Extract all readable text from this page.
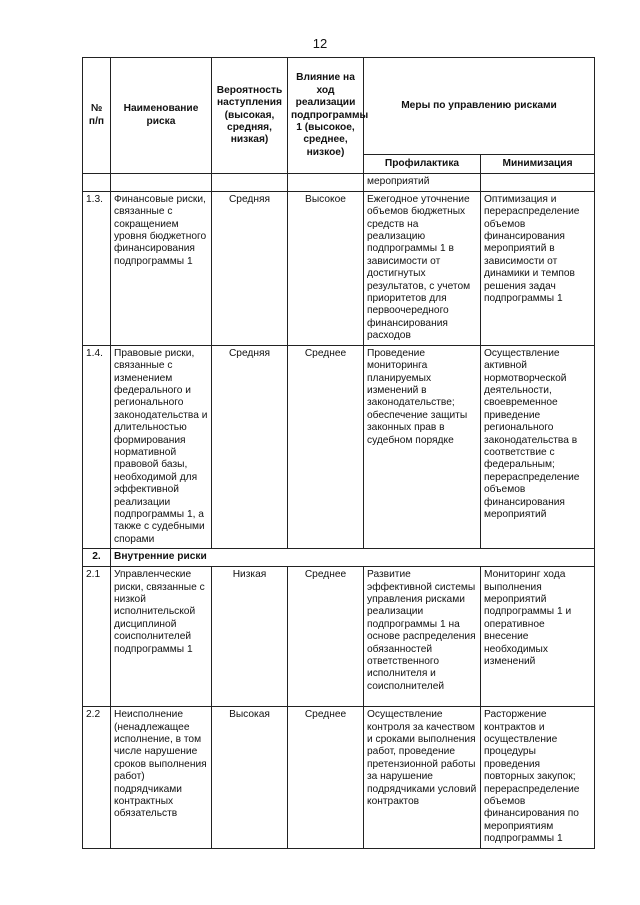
12
№ п/п	Наименование риска	Вероятность наступления (высокая, средняя, низкая)	Влияние на ход реализации подпрограммы 1 (высокое, среднее, низкое)	Меры по управлению рисками	
				Профилактика	Минимизация
				мероприятий	
1.3.	Финансовые риски, связанные с сокращением уровня бюджетного финансирования подпрограммы 1	Средняя	Высокое	Ежегодное уточнение объемов бюджетных средств на реализацию подпрограммы 1 в зависимости от достигнутых результатов, с учетом приоритетов для первоочередного финансирования расходов	Оптимизация и перераспределение объемов финансирования мероприятий в зависимости от динамики и темпов решения задач подпрограммы 1
1.4.	Правовые риски, связанные с изменением федерального и регионального законодательства и длительностью формирования нормативной правовой базы, необходимой для эффективной реализации подпрограммы 1, а также с судебными спорами	Средняя	Среднее	Проведение мониторинга планируемых изменений в законодательстве; обеспечение защиты законных прав в судебном порядке	Осуществление активной нормотворческой деятельности, своевременное приведение регионального законодательства в соответствие с федеральным; перераспределение объемов финансирования мероприятий
2.	Внутренние риски				
2.1	Управленческие риски, связанные с низкой исполнительской дисциплиной соисполнителей подпрограммы 1	Низкая	Среднее	Развитие эффективной системы управления рисками реализации подпрограммы 1 на основе распределения обязанностей ответственного исполнителя и соисполнителей	Мониторинг хода выполнения мероприятий подпрограммы 1 и оперативное внесение необходимых изменений
2.2	Неисполнение (ненадлежащее исполнение, в том числе нарушение сроков выполнения работ) подрядчиками контрактных обязательств	Высокая	Среднее	Осуществление контроля за качеством и сроками выполнения работ, проведение претензионной работы за нарушение подрядчиками условий контрактов	Расторжение контрактов и осуществление процедуры проведения повторных закупок; перераспределение объемов финансирования по мероприятиям подпрограммы 1
